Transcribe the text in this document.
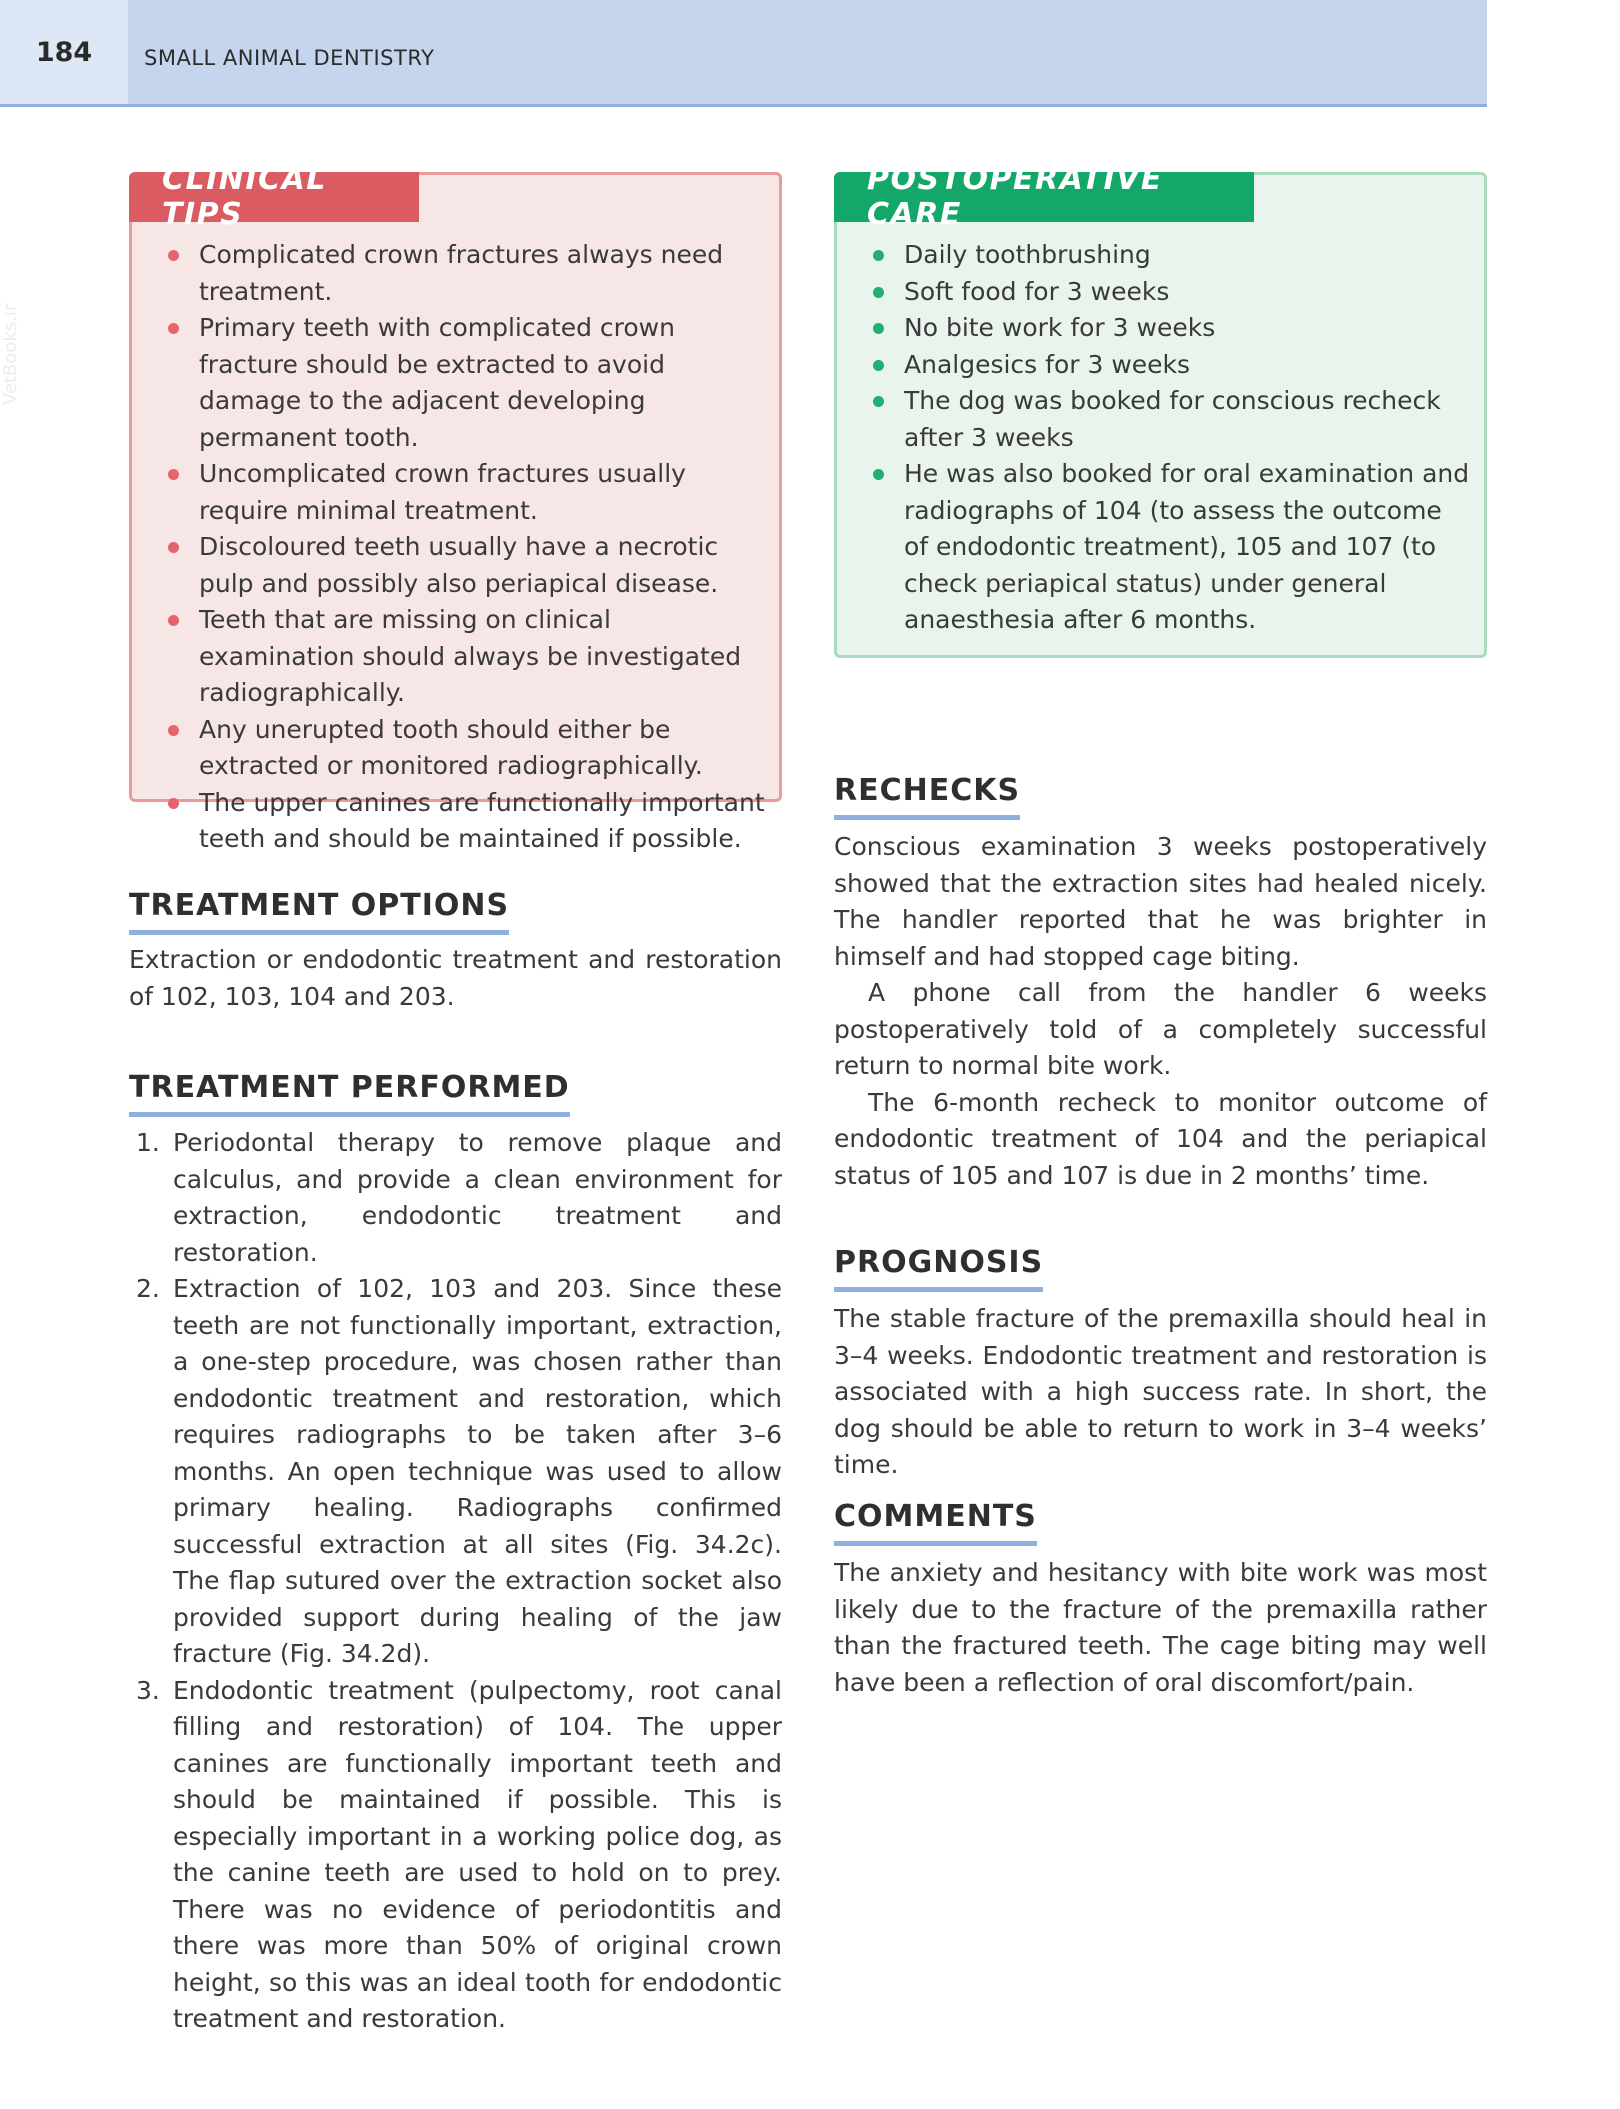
184	SMALL ANIMAL DENTISTRY
VetBooks.ir
CLINICAL TIPS
Complicated crown fractures always need treatment.
Primary teeth with complicated crown fracture should be extracted to avoid damage to the adjacent developing permanent tooth.
Uncomplicated crown fractures usually require minimal treatment.
Discoloured teeth usually have a necrotic pulp and possibly also periapical disease.
Teeth that are missing on clinical examination should always be investigated radiographically.
Any unerupted tooth should either be extracted or monitored radiographically.
The upper canines are functionally important teeth and should be maintained if possible.
POSTOPERATIVE CARE
Daily toothbrushing
Soft food for 3 weeks
No bite work for 3 weeks
Analgesics for 3 weeks
The dog was booked for conscious recheck after 3 weeks
He was also booked for oral examination and radiographs of 104 (to assess the outcome of endodontic treatment), 105 and 107 (to check periapical status) under general anaesthesia after 6 months.
TREATMENT OPTIONS

Extraction or endodontic treatment and restoration of 102, 103, 104 and 203.

TREATMENT PERFORMED
1. Periodontal therapy to remove plaque and calculus, and provide a clean environment for extraction, endodontic treatment and restoration.
2. Extraction of 102, 103 and 203. Since these teeth are not functionally important, extraction, a one-step procedure, was chosen rather than endodontic treatment and restoration, which requires radiographs to be taken after 3–6 months. An open technique was used to allow primary healing. Radiographs confirmed successful extraction at all sites (Fig. 34.2c). The flap sutured over the extraction socket also provided support during healing of the jaw fracture (Fig. 34.2d).
3. Endodontic treatment (pulpectomy, root canal filling and restoration) of 104. The upper canines are functionally important teeth and should be maintained if possible. This is especially important in a working police dog, as the canine teeth are used to hold on to prey. There was no evidence of periodontitis and there was more than 50% of original crown height, so this was an ideal tooth for endodontic treatment and restoration.
RECHECKS

Conscious examination 3 weeks postoperatively showed that the extraction sites had healed nicely. The handler reported that he was brighter in himself and had stopped cage biting.

A phone call from the handler 6 weeks postoperatively told of a completely successful return to normal bite work.

The 6-month recheck to monitor outcome of endodontic treatment of 104 and the periapical status of 105 and 107 is due in 2 months’ time.

PROGNOSIS

The stable fracture of the premaxilla should heal in 3–4 weeks. Endodontic treatment and restoration is associated with a high success rate. In short, the dog should be able to return to work in 3–4 weeks’ time.

COMMENTS

The anxiety and hesitancy with bite work was most likely due to the fracture of the premaxilla rather than the fractured teeth. The cage biting may well have been a reflection of oral discomfort/pain.
